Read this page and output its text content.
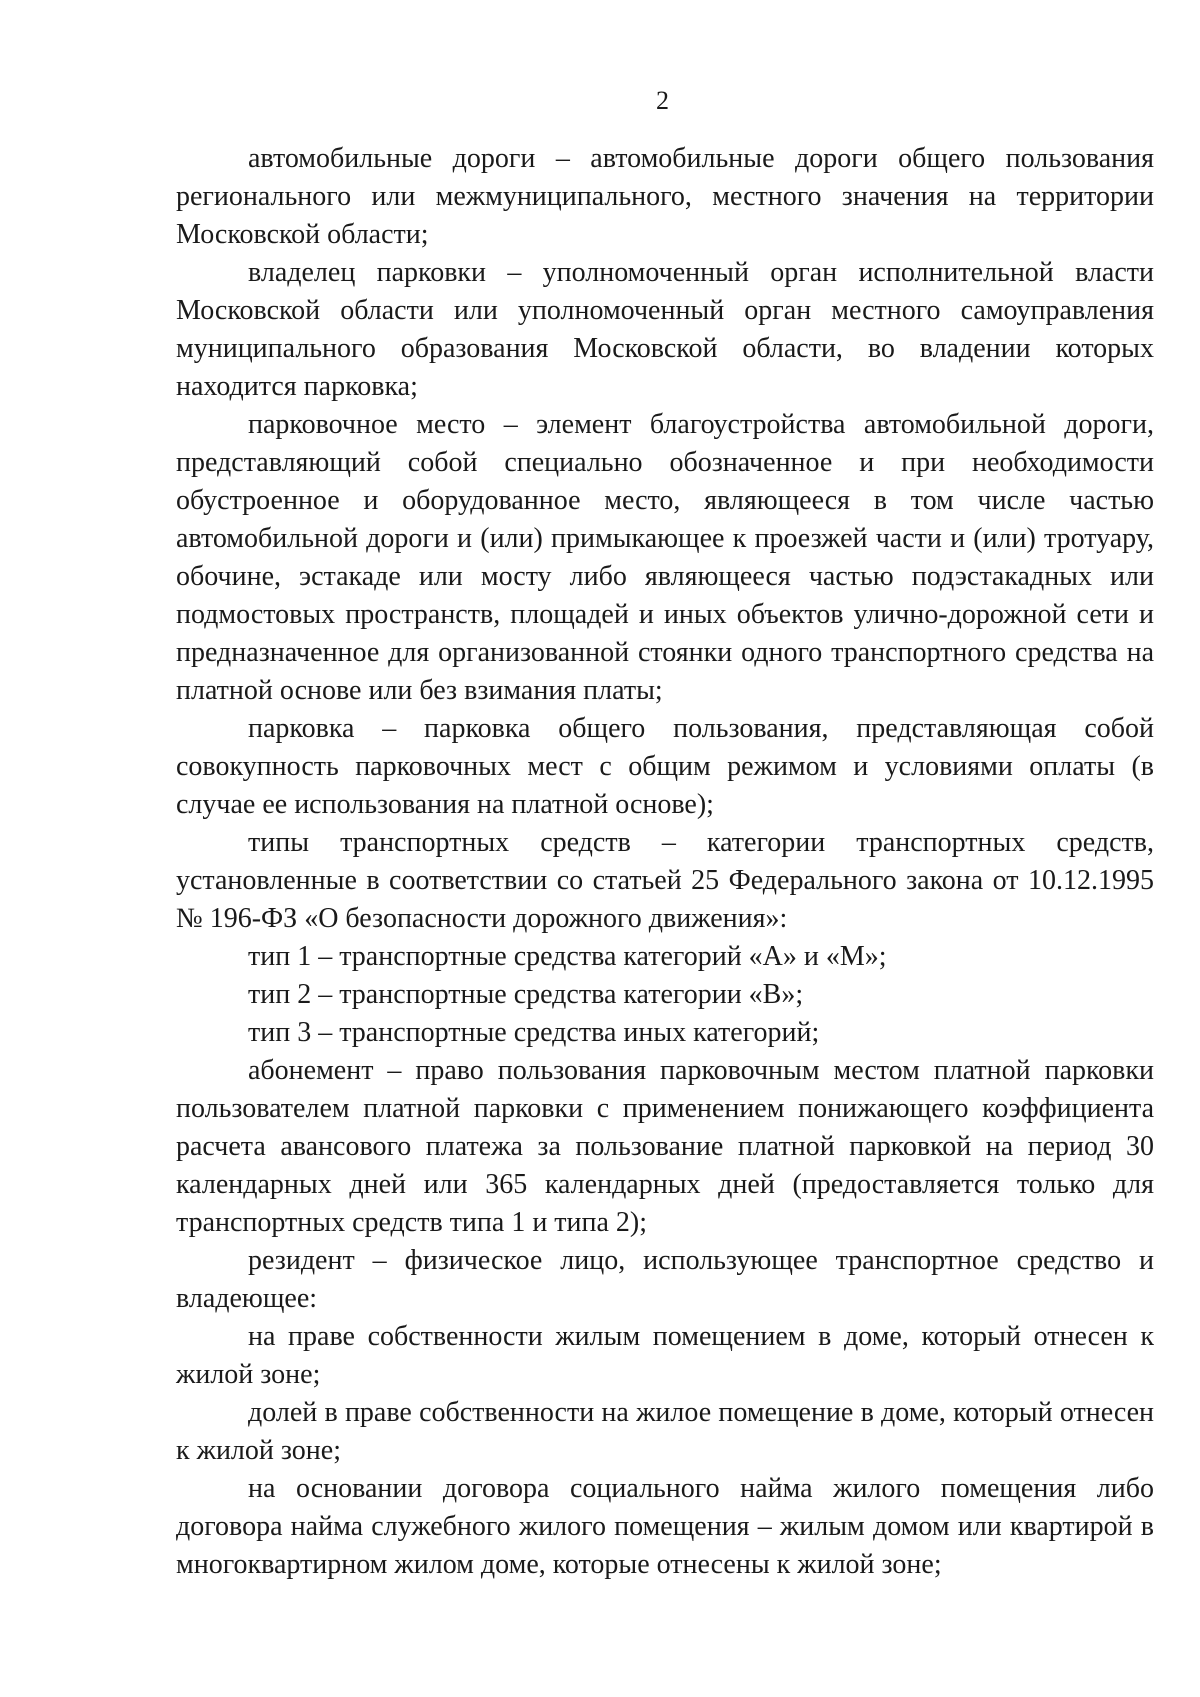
2

автомобильные дороги – автомобильные дороги общего пользования регионального или межмуниципального, местного значения на территории Московской области;

владелец парковки – уполномоченный орган исполнительной власти Московской области или уполномоченный орган местного самоуправления муниципального образования Московской области, во владении которых находится парковка;

парковочное место – элемент благоустройства автомобильной дороги, представляющий собой специально обозначенное и при необходимости обустроенное и оборудованное место, являющееся в том числе частью автомобильной дороги и (или) примыкающее к проезжей части и (или) тротуару, обочине, эстакаде или мосту либо являющееся частью подэстакадных или подмостовых пространств, площадей и иных объектов улично-дорожной сети и предназначенное для организованной стоянки одного транспортного средства на платной основе или без взимания платы;

парковка – парковка общего пользования, представляющая собой совокупность парковочных мест с общим режимом и условиями оплаты (в случае ее использования на платной основе);

типы транспортных средств – категории транспортных средств, установленные в соответствии со статьей 25 Федерального закона от 10.12.1995 № 196-ФЗ «О безопасности дорожного движения»:

тип 1 – транспортные средства категорий «А» и «М»;

тип 2 – транспортные средства категории «В»;

тип 3 – транспортные средства иных категорий;

абонемент – право пользования парковочным местом платной парковки пользователем платной парковки с применением понижающего коэффициента расчета авансового платежа за пользование платной парковкой на период 30 календарных дней или 365 календарных дней (предоставляется только для транспортных средств типа 1 и типа 2);

резидент – физическое лицо, использующее транспортное средство и владеющее:

на праве собственности жилым помещением в доме, который отнесен к жилой зоне;

долей в праве собственности на жилое помещение в доме, который отнесен к жилой зоне;

на основании договора социального найма жилого помещения либо договора найма служебного жилого помещения – жилым домом или квартирой в многоквартирном жилом доме, которые отнесены к жилой зоне;
